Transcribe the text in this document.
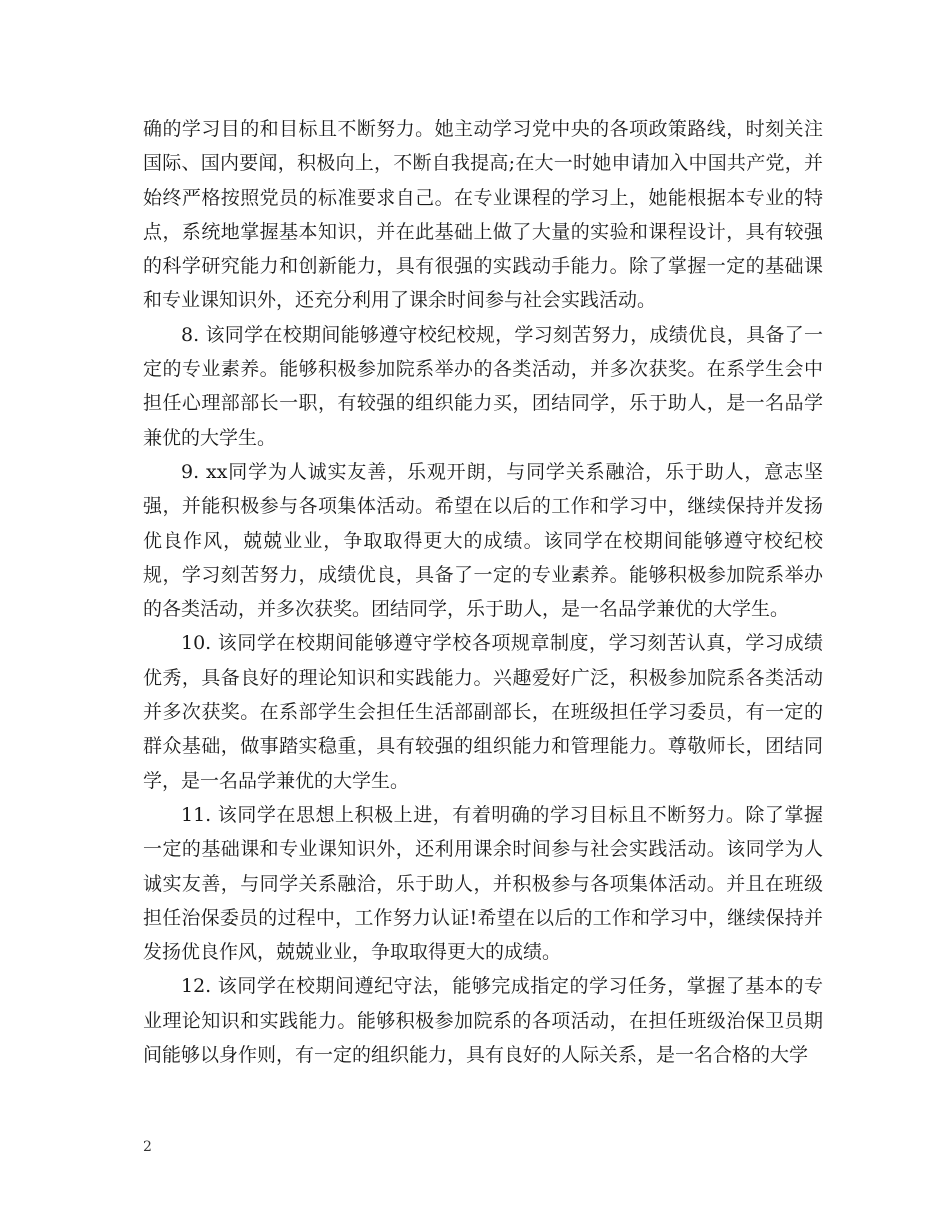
确的学习目的和目标且不断努力。她主动学习党中央的各项政策路线，时刻关注国际、国内要闻，积极向上，不断自我提高;在大一时她申请加入中国共产党，并始终严格按照党员的标准要求自己。在专业课程的学习上，她能根据本专业的特点，系统地掌握基本知识，并在此基础上做了大量的实验和课程设计，具有较强的科学研究能力和创新能力，具有很强的实践动手能力。除了掌握一定的基础课和专业课知识外，还充分利用了课余时间参与社会实践活动。

8. 该同学在校期间能够遵守校纪校规，学习刻苦努力，成绩优良，具备了一定的专业素养。能够积极参加院系举办的各类活动，并多次获奖。在系学生会中担任心理部部长一职，有较强的组织能力买，团结同学，乐于助人，是一名品学兼优的大学生。

9. xx同学为人诚实友善，乐观开朗，与同学关系融洽，乐于助人，意志坚强，并能积极参与各项集体活动。希望在以后的工作和学习中，继续保持并发扬优良作风，兢兢业业，争取取得更大的成绩。该同学在校期间能够遵守校纪校规，学习刻苦努力，成绩优良，具备了一定的专业素养。能够积极参加院系举办的各类活动，并多次获奖。团结同学，乐于助人，是一名品学兼优的大学生。

10. 该同学在校期间能够遵守学校各项规章制度，学习刻苦认真，学习成绩优秀，具备良好的理论知识和实践能力。兴趣爱好广泛，积极参加院系各类活动并多次获奖。在系部学生会担任生活部副部长，在班级担任学习委员，有一定的群众基础，做事踏实稳重，具有较强的组织能力和管理能力。尊敬师长，团结同学，是一名品学兼优的大学生。

11. 该同学在思想上积极上进，有着明确的学习目标且不断努力。除了掌握一定的基础课和专业课知识外，还利用课余时间参与社会实践活动。该同学为人诚实友善，与同学关系融洽，乐于助人，并积极参与各项集体活动。并且在班级担任治保委员的过程中，工作努力认证!希望在以后的工作和学习中，继续保持并发扬优良作风，兢兢业业，争取取得更大的成绩。

12. 该同学在校期间遵纪守法，能够完成指定的学习任务，掌握了基本的专业理论知识和实践能力。能够积极参加院系的各项活动，在担任班级治保卫员期间能够以身作则，有一定的组织能力，具有良好的人际关系，是一名合格的大学

2
